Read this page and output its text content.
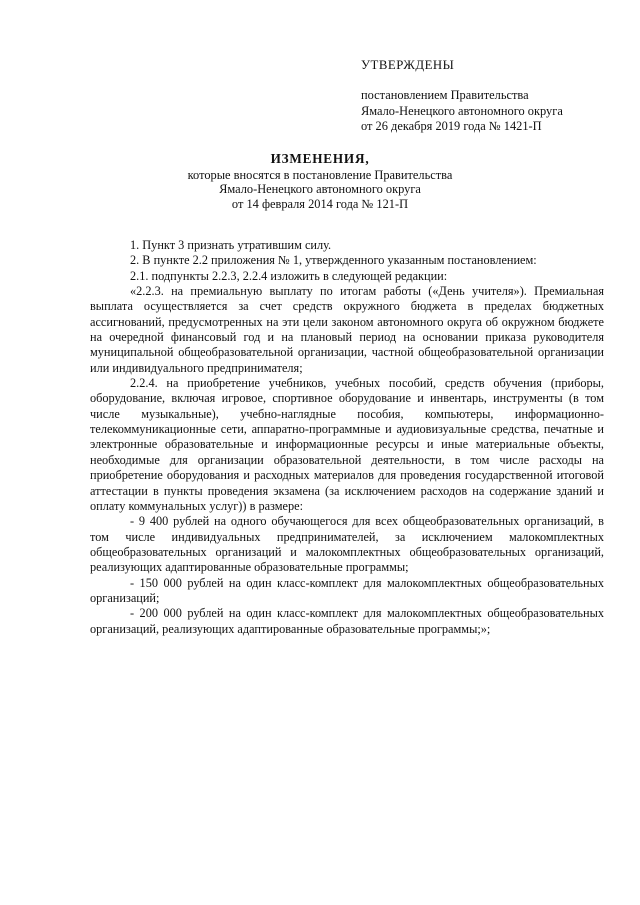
УТВЕРЖДЕНЫ
постановлением Правительства
Ямало-Ненецкого автономного округа
от 26 декабря 2019 года № 1421-П
ИЗМЕНЕНИЯ,
которые вносятся в постановление Правительства
Ямало-Ненецкого автономного округа
от 14 февраля 2014 года № 121-П

1. Пункт 3 признать утратившим силу.

2. В пункте 2.2 приложения № 1, утвержденного указанным постановлением:

2.1. подпункты 2.2.3, 2.2.4 изложить в следующей редакции:

«2.2.3. на премиальную выплату по итогам работы («День учителя»). Премиальная выплата осуществляется за счет средств окружного бюджета в пределах бюджетных ассигнований, предусмотренных на эти цели законом автономного округа об окружном бюджете на очередной финансовый год и на плановый период на основании приказа руководителя муниципальной общеобразовательной организации, частной общеобразовательной организации или индивидуального предпринимателя;

2.2.4. на приобретение учебников, учебных пособий, средств обучения (приборы, оборудование, включая игровое, спортивное оборудование и инвентарь, инструменты (в том числе музыкальные), учебно-наглядные пособия, компьютеры, информационно-телекоммуникационные сети, аппаратно-программные и аудиовизуальные средства, печатные и электронные образовательные и информационные ресурсы и иные материальные объекты, необходимые для организации образовательной деятельности, в том числе расходы на приобретение оборудования и расходных материалов для проведения государственной итоговой аттестации в пункты проведения экзамена (за исключением расходов на содержание зданий и оплату коммунальных услуг)) в размере:

- 9 400 рублей на одного обучающегося для всех общеобразовательных организаций, в том числе индивидуальных предпринимателей, за исключением малокомплектных общеобразовательных организаций и малокомплектных общеобразовательных организаций, реализующих адаптированные образовательные программы;

- 150 000 рублей на один класс-комплект для малокомплектных общеобразовательных организаций;

- 200 000 рублей на один класс-комплект для малокомплектных общеобразовательных организаций, реализующих адаптированные образовательные программы;»;
